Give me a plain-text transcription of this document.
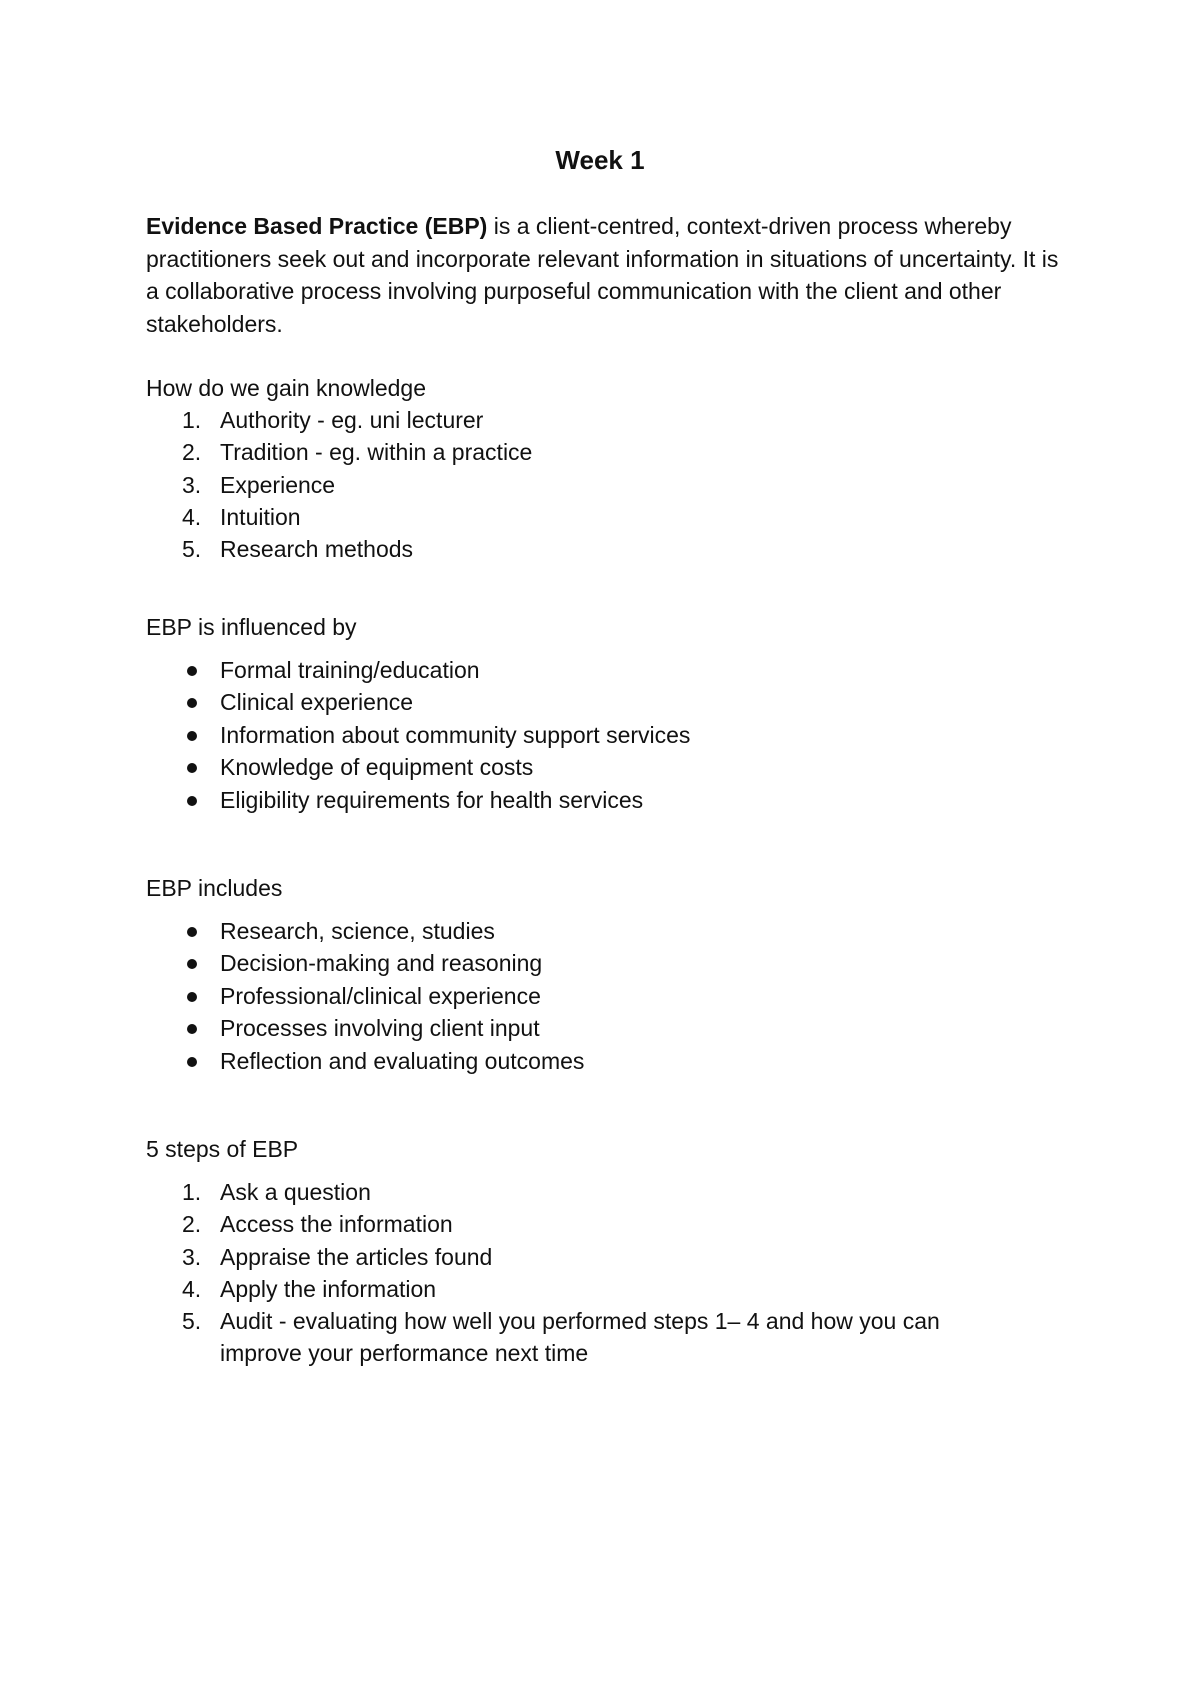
Week 1

Evidence Based Practice (EBP) is a client-centred, context-driven process whereby practitioners seek out and incorporate relevant information in situations of uncertainty. It is a collaborative process involving purposeful communication with the client and other stakeholders.

How do we gain knowledge

1. Authority - eg. uni lecturer
2. Tradition - eg. within a practice
3. Experience
4. Intuition
5. Research methods

EBP is influenced by

Formal training/education
Clinical experience
Information about community support services
Knowledge of equipment costs
Eligibility requirements for health services

EBP includes

Research, science, studies
Decision-making and reasoning
Professional/clinical experience
Processes involving client input
Reflection and evaluating outcomes

5 steps of EBP

1. Ask a question
2. Access the information
3. Appraise the articles found
4. Apply the information
5. Audit - evaluating how well you performed steps 1– 4 and how you can improve your performance next time
